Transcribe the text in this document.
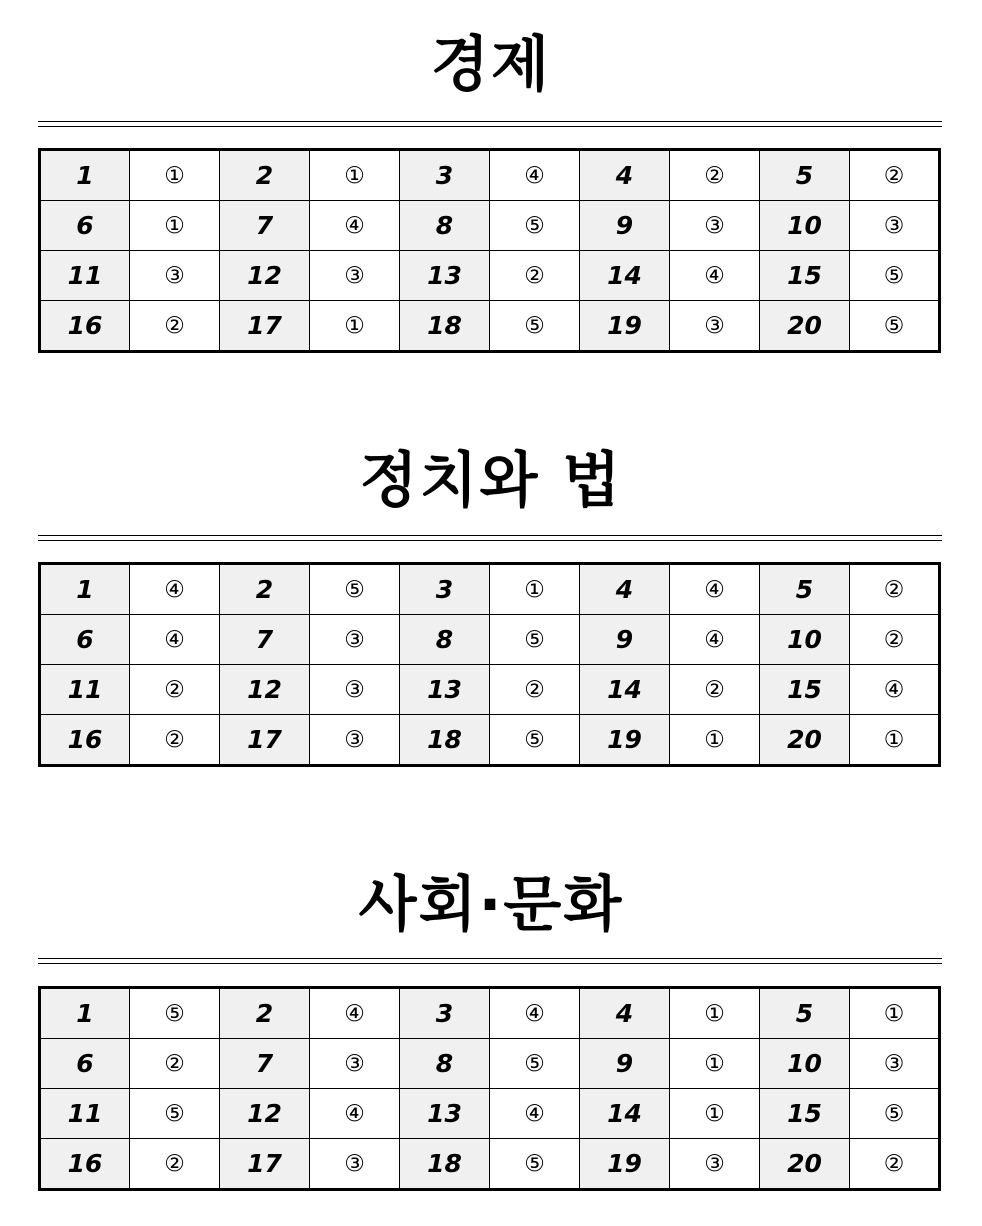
경제
1	①	2	①	3	④	4	②	5	②
6	①	7	④	8	⑤	9	③	10	③
11	③	12	③	13	②	14	④	15	⑤
16	②	17	①	18	⑤	19	③	20	⑤
정치와 법
1	④	2	⑤	3	①	4	④	5	②
6	④	7	③	8	⑤	9	④	10	②
11	②	12	③	13	②	14	②	15	④
16	②	17	③	18	⑤	19	①	20	①
사회·문화
1	⑤	2	④	3	④	4	①	5	①
6	②	7	③	8	⑤	9	①	10	③
11	⑤	12	④	13	④	14	①	15	⑤
16	②	17	③	18	⑤	19	③	20	②
